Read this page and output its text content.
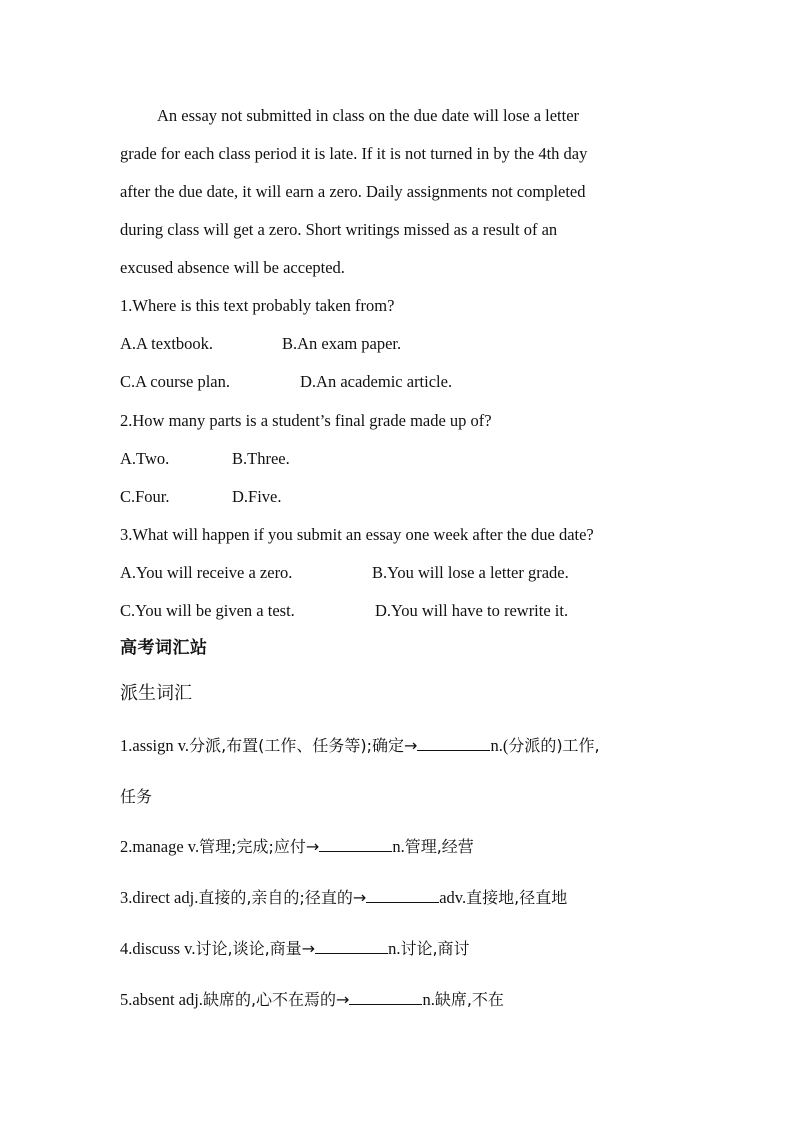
An essay not submitted in class on the due date will lose a letter
grade for each class period it is late. If it is not turned in by the 4th day
after the due date, it will earn a zero. Daily assignments not completed
during class will get a zero. Short writings missed as a result of an
excused absence will be accepted.
1.Where is this text probably taken from?
A.A textbook.	B.An exam paper.
C.A course plan.	D.An academic article.
2.How many parts is a student’s final grade made up of?
A.Two.	B.Three.
C.Four.	D.Five.
3.What will happen if you submit an essay one week after the due date?
A.You will receive a zero.	B.You will lose a letter grade.
C.You will be given a test.	D.You will have to rewrite it.
高考词汇站
派生词汇
1.assign v.分派,布置(工作、任务等);确定→	n.(分派的)工作,
任务
2.manage v.管理;完成;应付→	n.管理,经营
3.direct adj.直接的,亲自的;径直的→	adv.直接地,径直地
4.discuss v.讨论,谈论,商量→	n.讨论,商讨
5.absent adj.缺席的,心不在焉的→	n.缺席,不在
